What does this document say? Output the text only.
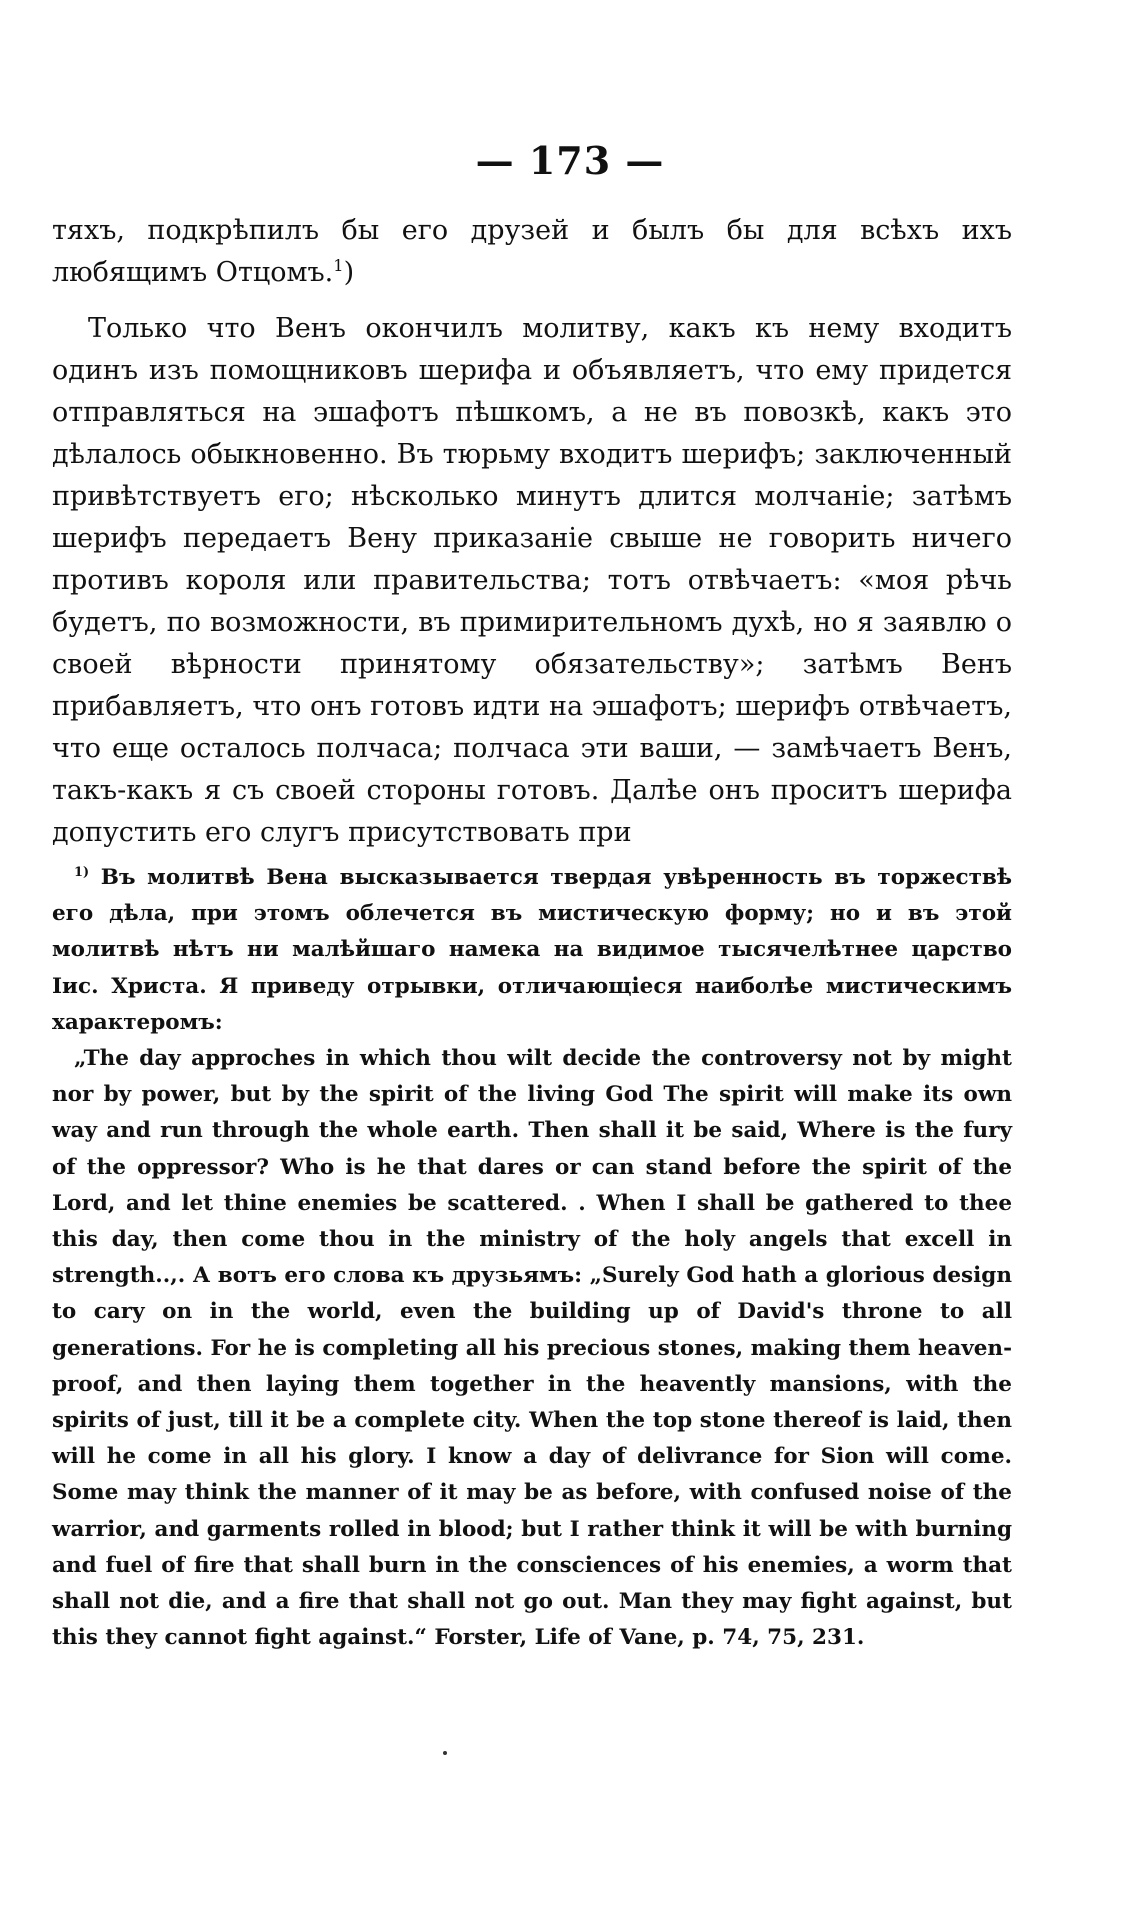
— 173 —

тяхъ, подкрѣпилъ бы его друзей и былъ бы для всѣхъ ихъ любящимъ Отцомъ.$^1$)

Только что Венъ окончилъ молитву, какъ къ нему входитъ одинъ изъ помощниковъ шерифа и объявляетъ, что ему придется отправляться на эшафотъ пѣшкомъ, а не въ повозкѣ, какъ это дѣлалось обыкновенно. Въ тюрьму входитъ шерифъ; заключенный привѣтствуетъ его; нѣсколько минутъ длится молчаніе; затѣмъ шерифъ передаетъ Вену приказаніе свыше не говорить ничего противъ короля или правительства; тотъ отвѣчаетъ: «моя рѣчь будетъ, по возможности, въ примирительномъ духѣ, но я заявлю о своей вѣрности принятому обязательству»; затѣмъ Венъ прибавляетъ, что онъ готовъ идти на эшафотъ; шерифъ отвѣчаетъ, что еще осталось полчаса; полчаса эти ваши, — замѣчаетъ Венъ, такъ-какъ я съ своей стороны готовъ. Далѣе онъ проситъ шерифа допустить его слугъ присутствовать при

$^{1)}$ Въ молитвѣ Вена высказывается твердая увѣренность въ торжествѣ его дѣла, при этомъ облечется въ мистическую форму; но и въ этой молитвѣ нѣтъ ни малѣйшаго намека на видимое тысячелѣтнее царство Іис. Христа. Я приведу отрывки, отличающіеся наиболѣе мистическимъ характеромъ:

„The day approches in which thou wilt decide the controversy not by might nor by power, but by the spirit of the living God The spirit will make its own way and run through the whole earth. Then shall it be said, Where is the fury of the oppressor? Who is he that dares or can stand before the spirit of the Lord, and let thine enemies be scattered. . When I shall be gathered to thee this day, then come thou in the ministry of the holy angels that excell in strength..,. А вотъ его слова къ друзьямъ: „Surely God hath a glorious design to cary on in the world, even the building up of David's throne to all generations. For he is completing all his precious stones, making them heaven-proof, and then laying them together in the heavently mansions, with the spirits of just, till it be a complete city. When the top stone thereof is laid, then will he come in all his glory. I know a day of delivrance for Sion will come. Some may think the manner of it may be as before, with confused noise of the warrior, and garments rolled in blood; but I rather think it will be with burning and fuel of fire that shall burn in the consciences of his enemies, a worm that shall not die, and a fire that shall not go out. Man they may fight against, but this they cannot fight against.“ Forster, Life of Vane, p. 74, 75, 231.
